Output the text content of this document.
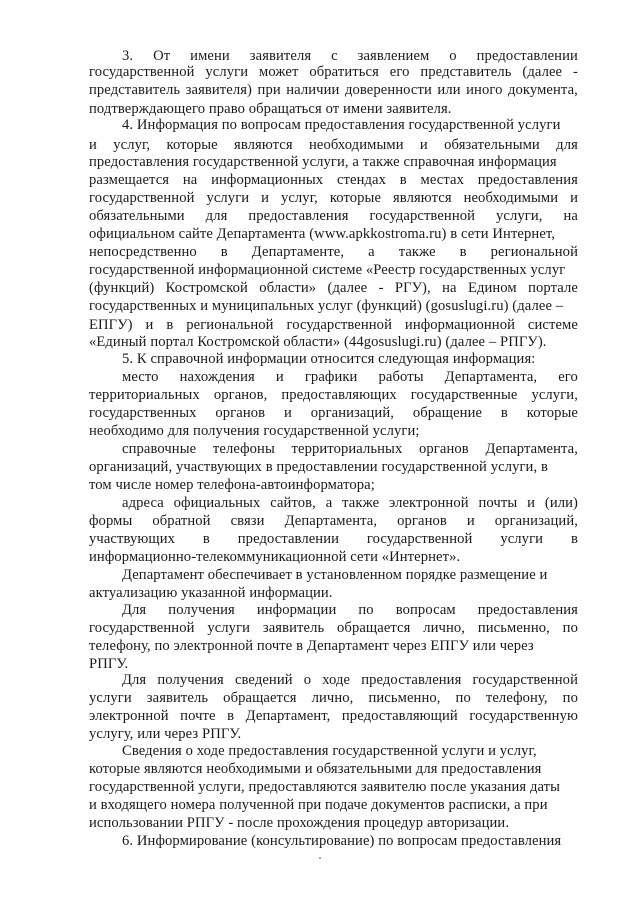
3. От имени заявителя с заявлением о предоставлении
государственной услуги может обратиться его представитель (далее -
представитель заявителя) при наличии доверенности или иного документа,
подтверждающего право обращаться от имени заявителя.
4. Информация по вопросам предоставления государственной услуги
и услуг, которые являются необходимыми и обязательными для
предоставления государственной услуги, а также справочная информация
размещается на информационных стендах в местах предоставления
государственной услуги и услуг, которые являются необходимыми и
обязательными для предоставления государственной услуги, на
официальном сайте Департамента (www.apkkostroma.ru) в сети Интернет,
непосредственно в Департаменте, а также в региональной
государственной информационной системе «Реестр государственных услуг
(функций) Костромской области» (далее - РГУ), на Едином портале
государственных и муниципальных услуг (функций) (gosuslugi.ru) (далее –
ЕПГУ) и в региональной государственной информационной системе
«Единый портал Костромской области» (44gosuslugi.ru) (далее – РПГУ).
5. К справочной информации относится следующая информация:
место нахождения и графики работы Департамента, его
территориальных органов, предоставляющих государственные услуги,
государственных органов и организаций, обращение в которые
необходимо для получения государственной услуги;
справочные телефоны территориальных органов Департамента,
организаций, участвующих в предоставлении государственной услуги, в
том числе номер телефона-автоинформатора;
адреса официальных сайтов, а также электронной почты и (или)
формы обратной связи Департамента, органов и организаций,
участвующих в предоставлении государственной услуги в
информационно-телекоммуникационной сети «Интернет».
Департамент обеспечивает в установленном порядке размещение и
актуализацию указанной информации.
Для получения информации по вопросам предоставления
государственной услуги заявитель обращается лично, письменно, по
телефону, по электронной почте в Департамент через ЕПГУ или через
РПГУ.
Для получения сведений о ходе предоставления государственной
услуги заявитель обращается лично, письменно, по телефону, по
электронной почте в Департамент, предоставляющий государственную
услугу, или через РПГУ.
Сведения о ходе предоставления государственной услуги и услуг,
которые являются необходимыми и обязательными для предоставления
государственной услуги, предоставляются заявителю после указания даты
и входящего номера полученной при подаче документов расписки, а при
использовании РПГУ - после прохождения процедур авторизации.
6. Информирование (консультирование) по вопросам предоставления
